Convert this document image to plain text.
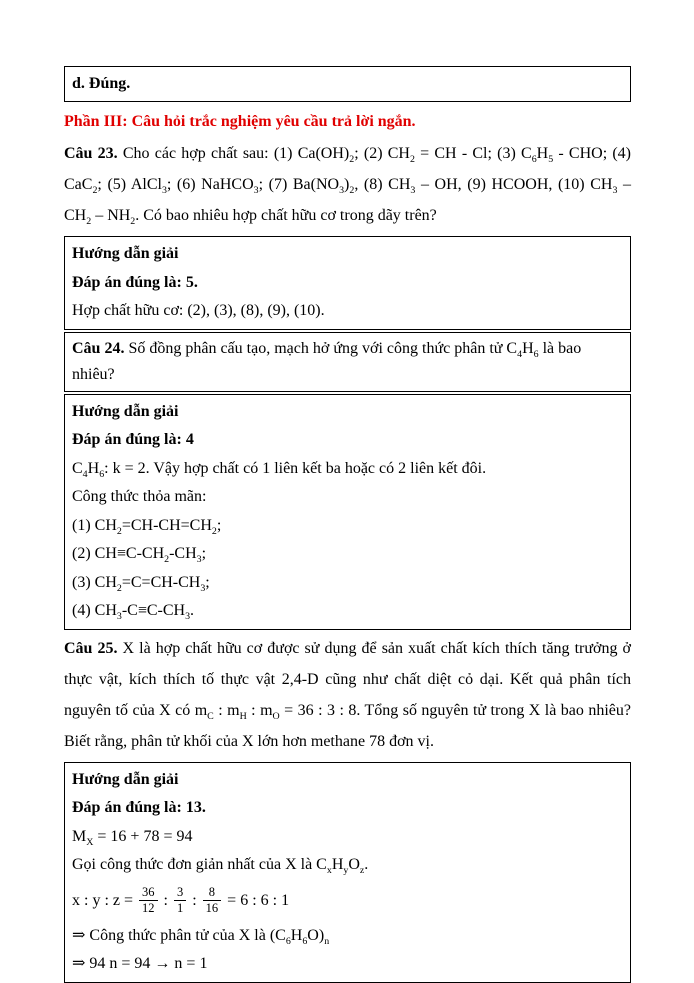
d. Đúng.

Phần III: Câu hỏi trắc nghiệm yêu cầu trả lời ngắn.

Câu 23. Cho các hợp chất sau: (1) $Ca(OH)_2$; (2) $CH_2$ = CH - Cl; (3) $C_6H_5$ - CHO; (4) CaC$_2$; (5) AlCl$_3$; (6) NaHCO$_3$; (7) $Ba(NO_3)_2$, (8) $CH_3$ – OH, (9) HCOOH, (10) $CH_3 - CH_2 - NH_2$. Có bao nhiêu hợp chất hữu cơ trong dãy trên?

Hướng dẫn giải

Đáp án đúng là: 5.

Hợp chất hữu cơ: (2), (3), (8), (9), (10).

Câu 24. Số đồng phân cấu tạo, mạch hở ứng với công thức phân tử $C_4H_6$ là bao nhiêu?

Hướng dẫn giải

Đáp án đúng là: 4

$C_4H_6$: k = 2. Vậy hợp chất có 1 liên kết ba hoặc có 2 liên kết đôi.

Công thức thỏa mãn:

(1) $CH_2=CH-CH=CH_2$;

(2) $CH\equiv C-CH_2-CH_3$;

(3) $CH_2=C=CH-CH_3$;

(4) $CH_3-C\equiv C-CH_3$.

Câu 25. X là hợp chất hữu cơ được sử dụng để sản xuất chất kích thích tăng trưởng ở thực vật, kích thích tố thực vật 2,4-D cũng như chất diệt cỏ dại. Kết quả phân tích nguyên tố của X có $m_C$ : $m_H$ : $m_O = 36$ : 3 : 8. Tổng số nguyên tử trong X là bao nhiêu? Biết rằng, phân tử khối của X lớn hơn methane 78 đơn vị.

Hướng dẫn giải

Đáp án đúng là: 13.

$M_X = 16 + 78 = 94$

Gọi công thức đơn giản nhất của X là $C_xH_yO_z$.

x : y : $z = \frac{36}{12}$ : $\frac{3}{1}$ : $\frac{8}{16} = 6$ : 6 : 1

⇒ Công thức phân tử của X là $(C_6H_6O)_n$

⇒ 94 n = 94 → n = 1
